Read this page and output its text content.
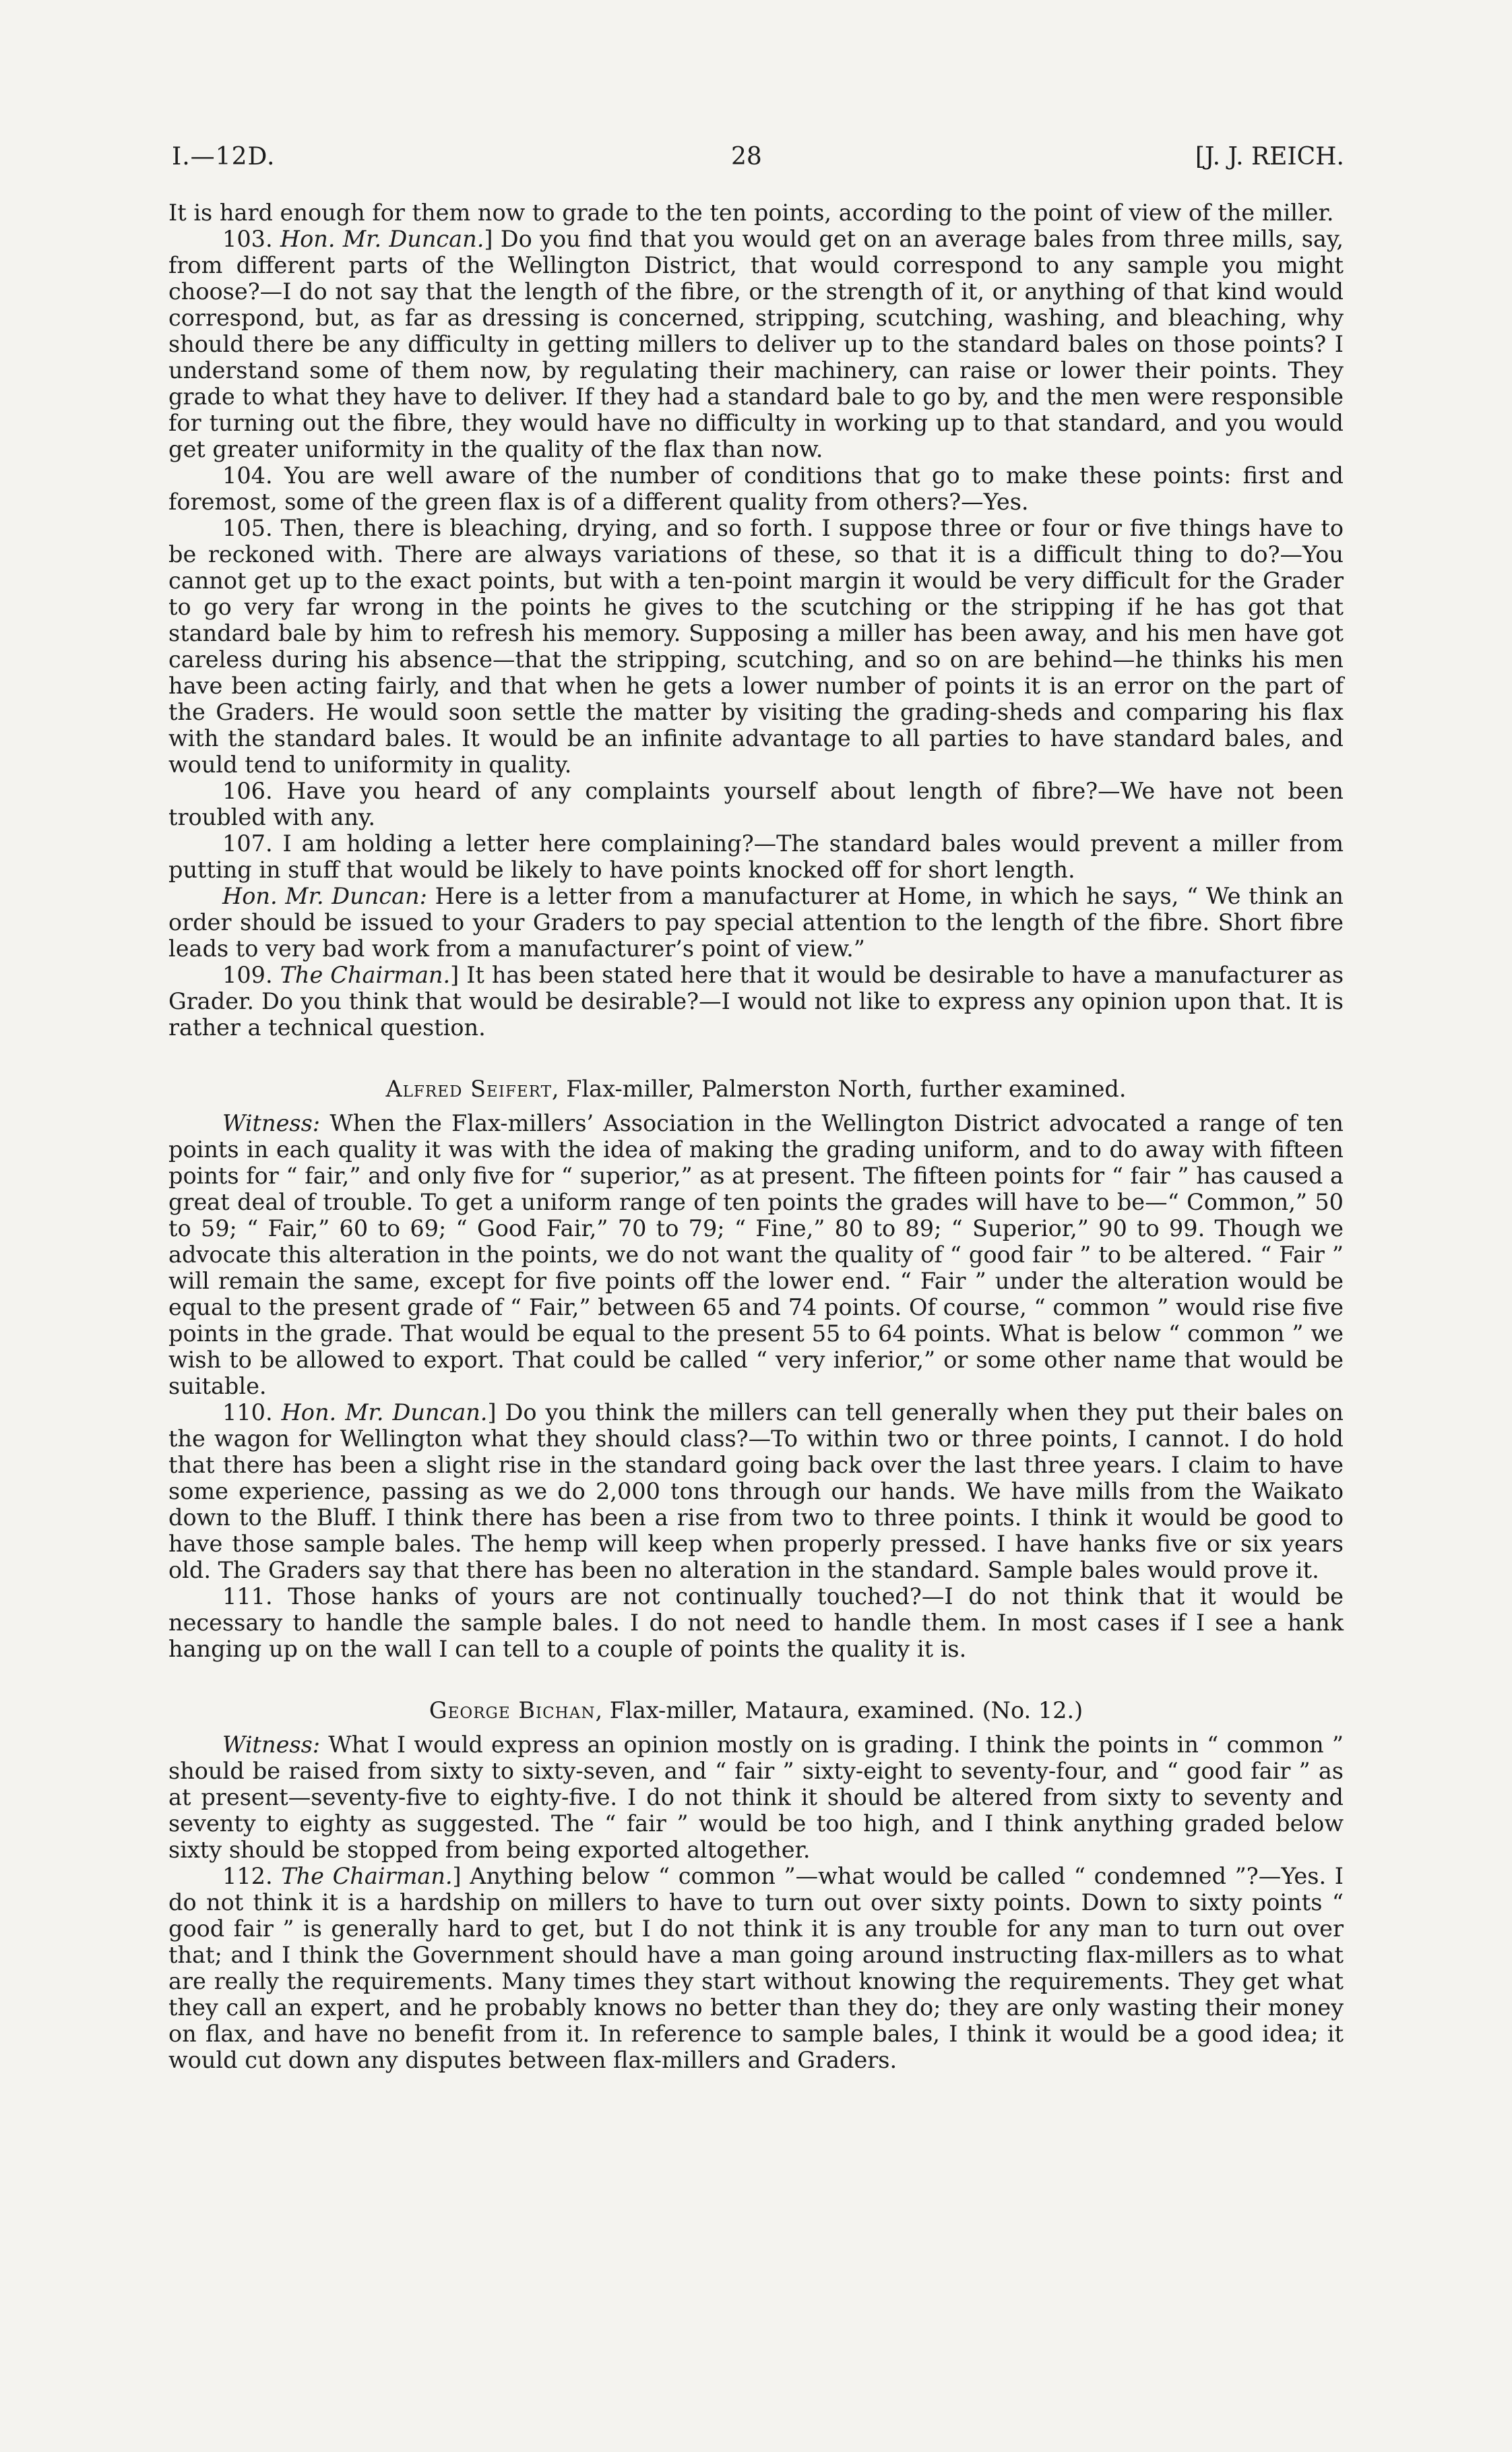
I.—12D.	28	[J. J. REICH.

It is hard enough for them now to grade to the ten points, according to the point of view of the miller.

103. Hon. Mr. Duncan.] Do you find that you would get on an average bales from three mills, say, from different parts of the Wellington District, that would correspond to any sample you might choose?—I do not say that the length of the fibre, or the strength of it, or anything of that kind would correspond, but, as far as dressing is concerned, stripping, scutching, washing, and bleaching, why should there be any difficulty in getting millers to deliver up to the standard bales on those points? I understand some of them now, by regulating their machinery, can raise or lower their points. They grade to what they have to deliver. If they had a standard bale to go by, and the men were responsible for turning out the fibre, they would have no difficulty in working up to that standard, and you would get greater uniformity in the quality of the flax than now.

104. You are well aware of the number of conditions that go to make these points: first and foremost, some of the green flax is of a different quality from others?—Yes.

105. Then, there is bleaching, drying, and so forth. I suppose three or four or five things have to be reckoned with. There are always variations of these, so that it is a difficult thing to do?—You cannot get up to the exact points, but with a ten-point margin it would be very difficult for the Grader to go very far wrong in the points he gives to the scutching or the stripping if he has got that standard bale by him to refresh his memory. Supposing a miller has been away, and his men have got careless during his absence—that the stripping, scutching, and so on are behind—he thinks his men have been acting fairly, and that when he gets a lower number of points it is an error on the part of the Graders. He would soon settle the matter by visiting the grading-sheds and comparing his flax with the standard bales. It would be an infinite advantage to all parties to have standard bales, and would tend to uniformity in quality.

106. Have you heard of any complaints yourself about length of fibre?—We have not been troubled with any.

107. I am holding a letter here complaining?—The standard bales would prevent a miller from putting in stuff that would be likely to have points knocked off for short length.

Hon. Mr. Duncan: Here is a letter from a manufacturer at Home, in which he says, “ We think an order should be issued to your Graders to pay special attention to the length of the fibre. Short fibre leads to very bad work from a manufacturer’s point of view.”

109. The Chairman.] It has been stated here that it would be desirable to have a manufacturer as Grader. Do you think that would be desirable?—I would not like to express any opinion upon that. It is rather a technical question.

Alfred Seifert, Flax-miller, Palmerston North, further examined.

Witness: When the Flax-millers’ Association in the Wellington District advocated a range of ten points in each quality it was with the idea of making the grading uniform, and to do away with fifteen points for “ fair,” and only five for “ superior,” as at present. The fifteen points for “ fair ” has caused a great deal of trouble. To get a uniform range of ten points the grades will have to be—“ Common,” 50 to 59; “ Fair,” 60 to 69; “ Good Fair,” 70 to 79; “ Fine,” 80 to 89; “ Superior,” 90 to 99. Though we advocate this alteration in the points, we do not want the quality of “ good fair ” to be altered. “ Fair ” will remain the same, except for five points off the lower end. “ Fair ” under the alteration would be equal to the present grade of “ Fair,” between 65 and 74 points. Of course, “ common ” would rise five points in the grade. That would be equal to the present 55 to 64 points. What is below “ common ” we wish to be allowed to export. That could be called “ very inferior,” or some other name that would be suitable.

110. Hon. Mr. Duncan.] Do you think the millers can tell generally when they put their bales on the wagon for Wellington what they should class?—To within two or three points, I cannot. I do hold that there has been a slight rise in the standard going back over the last three years. I claim to have some experience, passing as we do 2,000 tons through our hands. We have mills from the Waikato down to the Bluff. I think there has been a rise from two to three points. I think it would be good to have those sample bales. The hemp will keep when properly pressed. I have hanks five or six years old. The Graders say that there has been no alteration in the standard. Sample bales would prove it.

111. Those hanks of yours are not continually touched?—I do not think that it would be necessary to handle the sample bales. I do not need to handle them. In most cases if I see a hank hanging up on the wall I can tell to a couple of points the quality it is.

George Bichan, Flax-miller, Mataura, examined. (No. 12.)

Witness: What I would express an opinion mostly on is grading. I think the points in “ common ” should be raised from sixty to sixty-seven, and “ fair ” sixty-eight to seventy-four, and “ good fair ” as at present—seventy-five to eighty-five. I do not think it should be altered from sixty to seventy and seventy to eighty as suggested. The “ fair ” would be too high, and I think anything graded below sixty should be stopped from being exported altogether.

112. The Chairman.] Anything below “ common ”—what would be called “ condemned ”?—Yes. I do not think it is a hardship on millers to have to turn out over sixty points. Down to sixty points “ good fair ” is generally hard to get, but I do not think it is any trouble for any man to turn out over that; and I think the Government should have a man going around instructing flax-millers as to what are really the requirements. Many times they start without knowing the requirements. They get what they call an expert, and he probably knows no better than they do; they are only wasting their money on flax, and have no benefit from it. In reference to sample bales, I think it would be a good idea; it would cut down any disputes between flax-millers and Graders.
